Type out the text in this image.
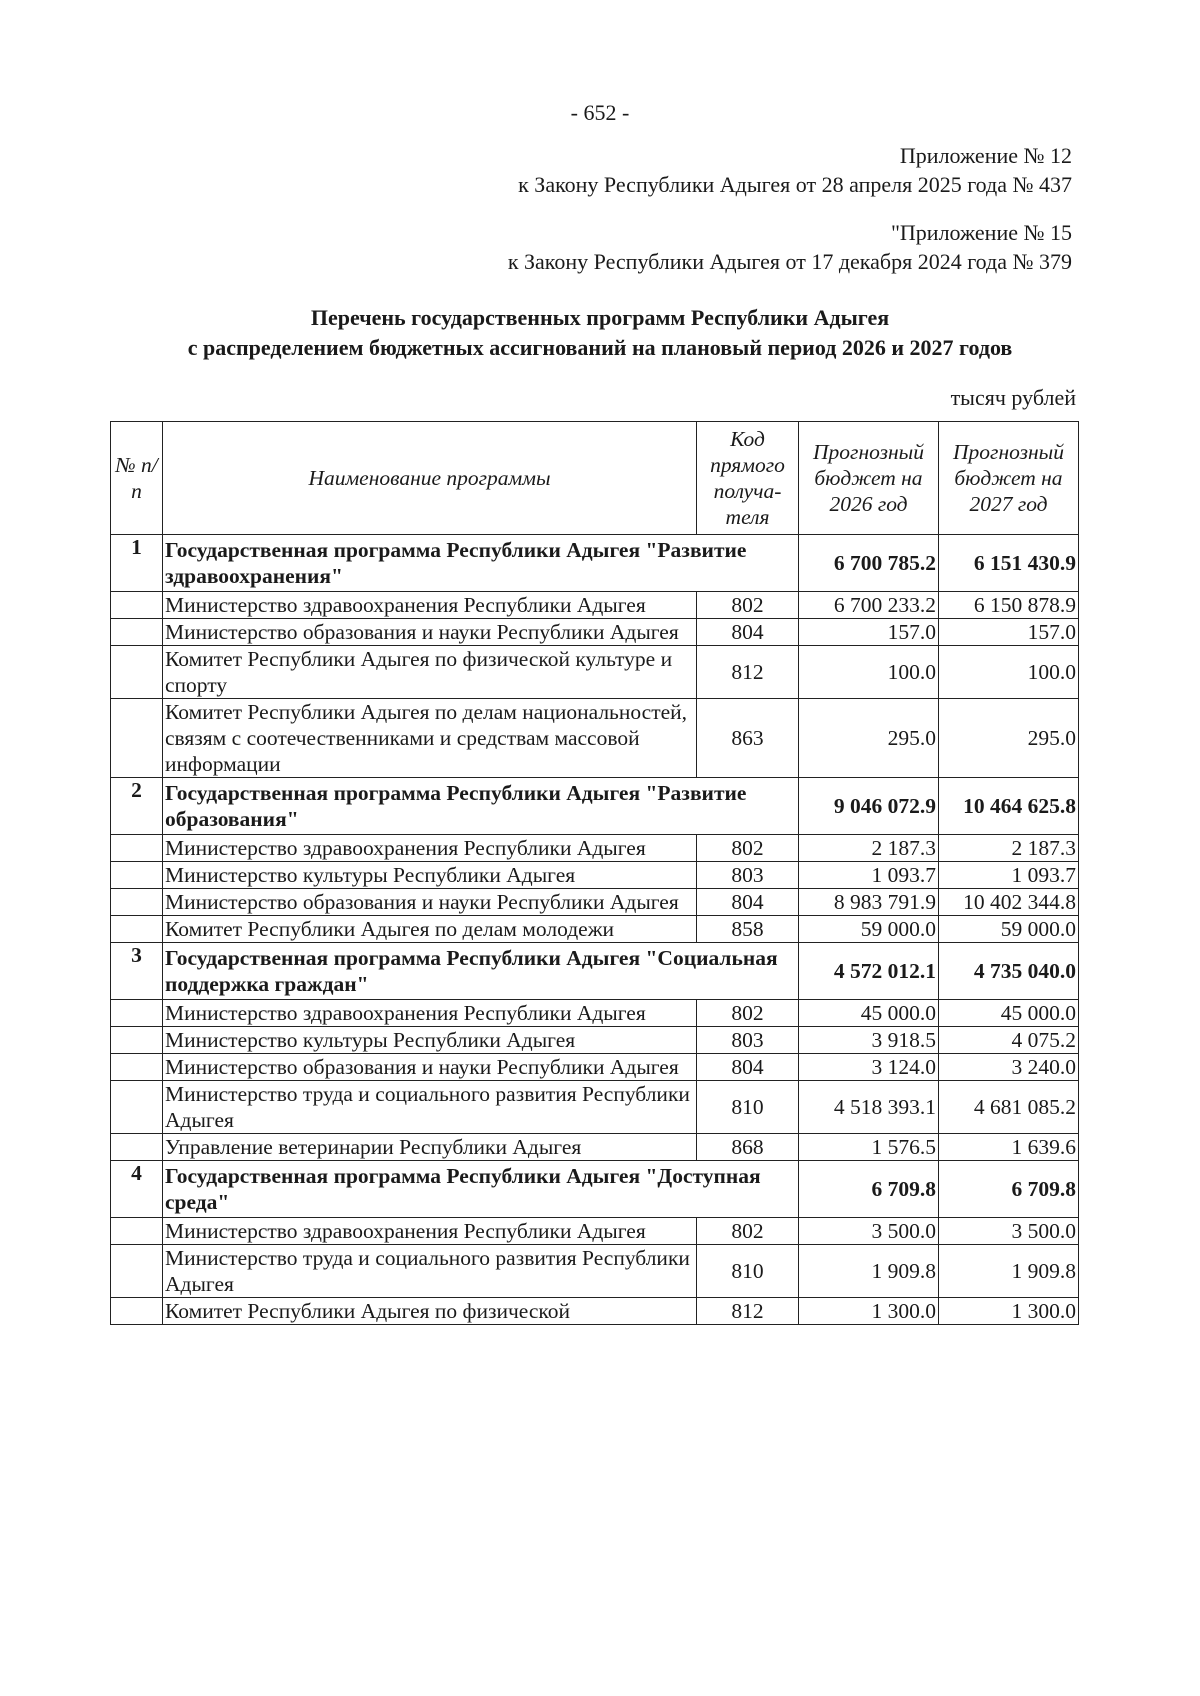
- 652 -
Приложение № 12
к Закону Республики Адыгея от 28 апреля 2025 года № 437
"Приложение № 15
к Закону Республики Адыгея от 17 декабря 2024 года № 379
Перечень государственных программ Республики Адыгея
с распределением бюджетных ассигнований на плановый период 2026 и 2027 годов
тысяч рублей
№ п/п	Наименование программы	Код прямого получа-теля	Прогнозный бюджет на 2026 год	Прогнозный бюджет на 2027 год
1	Государственная программа Республики Адыгея "Развитие здравоохранения"		6 700 785.2	6 151 430.9
	Министерство здравоохранения Республики Адыгея	802	6 700 233.2	6 150 878.9
	Министерство образования и науки Республики Адыгея	804	157.0	157.0
	Комитет Республики Адыгея по физической культуре и спорту	812	100.0	100.0
	Комитет Республики Адыгея по делам национальностей, связям с соотечественниками и средствам массовой информации	863	295.0	295.0
2	Государственная программа Республики Адыгея "Развитие образования"		9 046 072.9	10 464 625.8
	Министерство здравоохранения Республики Адыгея	802	2 187.3	2 187.3
	Министерство культуры Республики Адыгея	803	1 093.7	1 093.7
	Министерство образования и науки Республики Адыгея	804	8 983 791.9	10 402 344.8
	Комитет Республики Адыгея по делам молодежи	858	59 000.0	59 000.0
3	Государственная программа Республики Адыгея "Социальная поддержка граждан"		4 572 012.1	4 735 040.0
	Министерство здравоохранения Республики Адыгея	802	45 000.0	45 000.0
	Министерство культуры Республики Адыгея	803	3 918.5	4 075.2
	Министерство образования и науки Республики Адыгея	804	3 124.0	3 240.0
	Министерство труда и социального развития Республики Адыгея	810	4 518 393.1	4 681 085.2
	Управление ветеринарии Республики Адыгея	868	1 576.5	1 639.6
4	Государственная программа Республики Адыгея "Доступная среда"		6 709.8	6 709.8
	Министерство здравоохранения Республики Адыгея	802	3 500.0	3 500.0
	Министерство труда и социального развития Республики Адыгея	810	1 909.8	1 909.8
	Комитет Республики Адыгея по физической	812	1 300.0	1 300.0
